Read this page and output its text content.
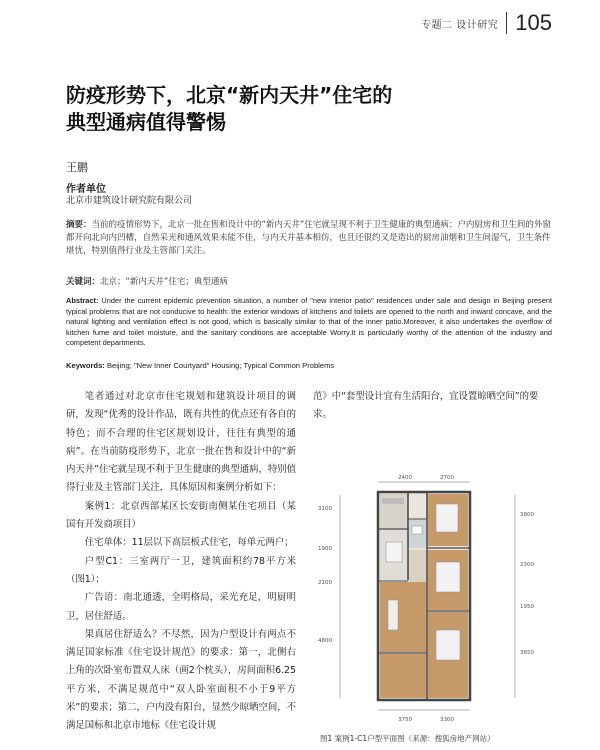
专题二 设计研究 105
防疫形势下，北京“新内天井”住宅的
典型通病值得警惕
王鹏
作者单位
北京市建筑设计研究院有限公司
摘要：当前的疫情形势下，北京一批在售和设计中的“新内天井”住宅就呈现不利于卫生健康的典型通病：户内厨房和卫生间的外窗都开向北向内凹槽，自然采光和通风效果未能不佳，与内天井基本相仿，也且还很约又是造出的厨房油烟和卫生间湿气，卫生条件堪忧，特别值得行业及主管部门关注。
关键词：北京；“新内天井”住宅；典型通病
Abstract: Under the current epidemic prevention situation, a number of "new interior patio" residences under sale and design in Beijing present typical problems that are not conducive to health: the exterior windows of kitchens and toilets are opened to the north and inward concave, and the natural lighting and ventilation effect is not good, which is basically similar to that of the inner patio.Moreover, it also undertakes the overflow of kitchen fume and toilet moisture, and the sanitary conditions are acceptable Worry.It is particularly worthy of the attention of the industry and competent departments.
Keywords: Beijing; "New Inner Courtyard" Housing; Typical Common Problems

笔者通过对北京市住宅规划和建筑设计项目的调研，发现“优秀的设计作品，既有共性的优点还有各自的特色；而不合理的住宅区规划设计，往往有典型的通病”。在当前防疫形势下，北京一批在售和设计中的“新内天井”住宅就呈现不利于卫生健康的典型通病，特别值得行业及主管部门关注，具体原因和案例分析如下：

案例1：北京西部某区长安街南侧某住宅项目（某国有开发商项目）

住宅单体：11层以下高层板式住宅，每单元两户；

户型C1：三室两厅一卫，建筑面积约78平方米（图1）；

广告语：南北通透，全明格局，采光充足，明厨明卫，居住舒适。

果真居住舒适么？不尽然，因为户型设计有两点不满足国家标准《住宅设计规范》的要求：第一，北侧右上角的次卧室布置双人床（画2个枕头），房间面积6.25平方米，不满足规范中“双人卧室面积不小于9平方米”的要求；第二，户内没有阳台，显然少晾晒空间，不满足国标和北京市地标《住宅设计规

范》中“套型设计宜有生活阳台，宜设置晾晒空间”的要求。

2400	2700
3100
1900
2100
4800
3800
2300
1950
3650
3750	3300
图1 案例1-C1户型平面图（来源：搜狐房地产网站）
